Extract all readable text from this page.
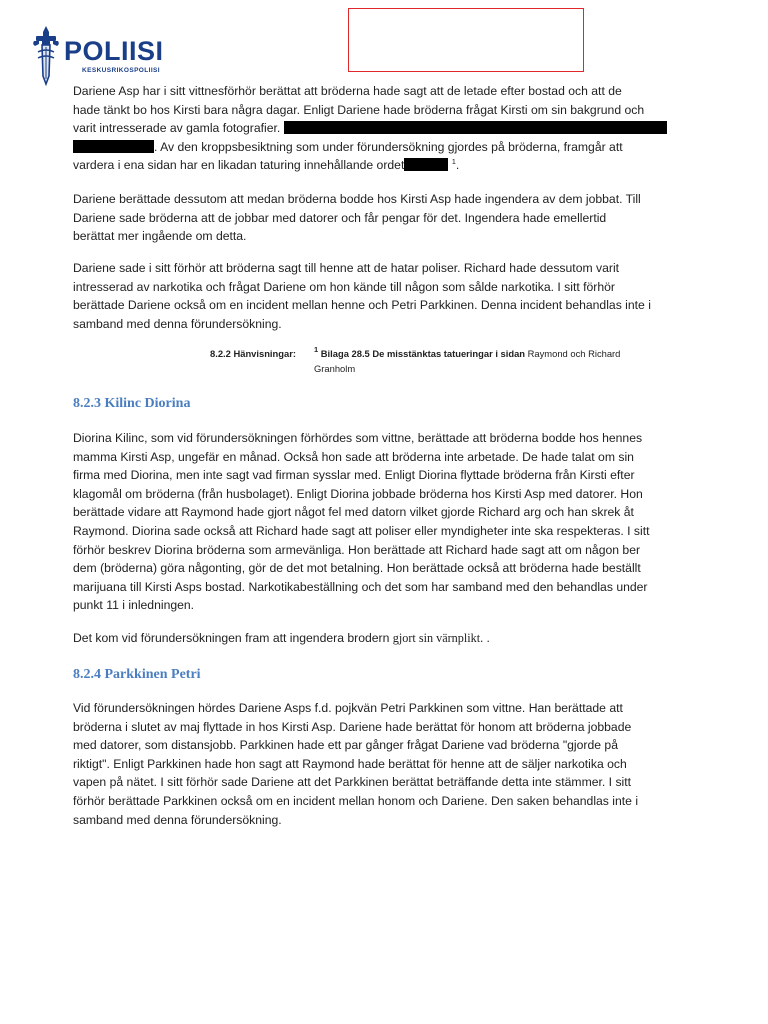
POLIISI
KESKUSRIKOSPOLIISI

Dariene Asp har i sitt vittnesförhör berättat att bröderna hade sagt att de letade efter bostad och att de

hade tänkt bo hos Kirsti bara några dagar. Enligt Dariene hade bröderna frågat Kirsti om sin bakgrund och

varit intresserade av gamla fotografier.

. Av den kroppsbesiktning som under förundersökning gjordes på bröderna, framgår att

vardera i ena sidan har en likadan taturing innehållande ordet	$^1$.

Dariene berättade dessutom att medan bröderna bodde hos Kirsti Asp hade ingendera av dem jobbat. Till

Dariene sade bröderna att de jobbar med datorer och får pengar för det. Ingendera hade emellertid

berättat mer ingående om detta.

Dariene sade i sitt förhör att bröderna sagt till henne att de hatar poliser. Richard hade dessutom varit

intresserad av narkotika och frågat Dariene om hon kände till någon som sålde narkotika. I sitt förhör

berättade Dariene också om en incident mellan henne och Petri Parkkinen. Denna incident behandlas inte i

samband med denna förundersökning.

8.2.2 Hänvisningar: $^1$ Bilaga 28.5 De misstänktas tatueringar i sidan Raymond och Richard
Granholm
8.2.3 Kilinc Diorina

Diorina Kilinc, som vid förundersökningen förhördes som vittne, berättade att bröderna bodde hos hennes

mamma Kirsti Asp, ungefär en månad. Också hon sade att bröderna inte arbetade. De hade talat om sin

firma med Diorina, men inte sagt vad firman sysslar med. Enligt Diorina flyttade bröderna från Kirsti efter

klagomål om bröderna (från husbolaget). Enligt Diorina jobbade bröderna hos Kirsti Asp med datorer. Hon

berättade vidare att Raymond hade gjort något fel med datorn vilket gjorde Richard arg och han skrek åt

Raymond. Diorina sade också att Richard hade sagt att poliser eller myndigheter inte ska respekteras. I sitt

förhör beskrev Diorina bröderna som armevänliga. Hon berättade att Richard hade sagt att om någon ber

dem (bröderna) göra någonting, gör de det mot betalning. Hon berättade också att bröderna hade beställt

marijuana till Kirsti Asps bostad. Narkotikabeställning och det som har samband med den behandlas under

punkt 11 i inledningen.

Det kom vid förundersökningen fram att ingendera brodern gjort sin värnplikt. .

8.2.4 Parkkinen Petri

Vid förundersökningen hördes Dariene Asps f.d. pojkvän Petri Parkkinen som vittne. Han berättade att

bröderna i slutet av maj flyttade in hos Kirsti Asp. Dariene hade berättat för honom att bröderna jobbade

med datorer, som distansjobb. Parkkinen hade ett par gånger frågat Dariene vad bröderna "gjorde på

riktigt". Enligt Parkkinen hade hon sagt att Raymond hade berättat för henne att de säljer narkotika och

vapen på nätet. I sitt förhör sade Dariene att det Parkkinen berättat beträffande detta inte stämmer. I sitt

förhör berättade Parkkinen också om en incident mellan honom och Dariene. Den saken behandlas inte i

samband med denna förundersökning.
